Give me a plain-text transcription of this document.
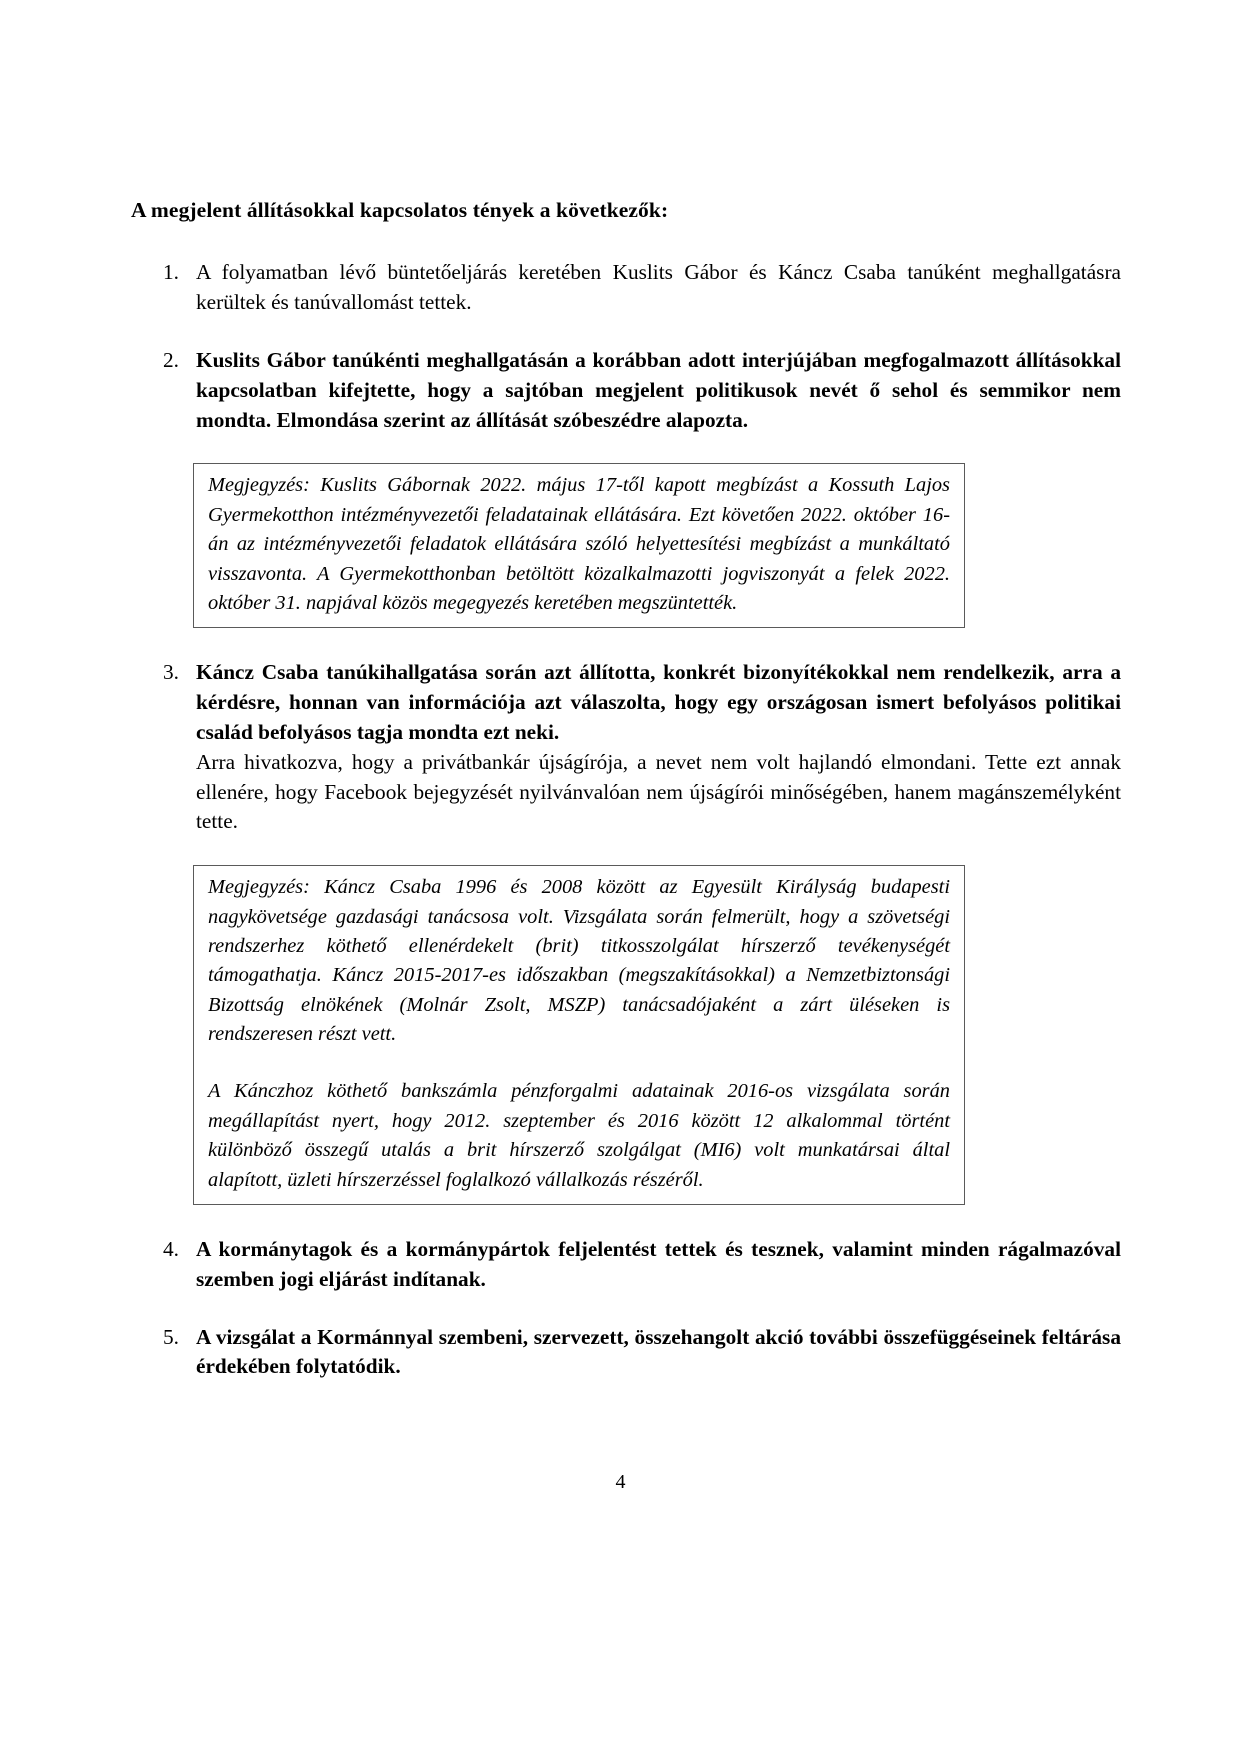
A megjelent állításokkal kapcsolatos tények a következők:
A folyamatban lévő büntetőeljárás keretében Kuslits Gábor és Káncz Csaba tanúként meghallgatásra kerültek és tanúvallomást tettek.
Kuslits Gábor tanúkénti meghallgatásán a korábban adott interjújában megfogalmazott állításokkal kapcsolatban kifejtette, hogy a sajtóban megjelent politikusok nevét ő sehol és semmikor nem mondta. Elmondása szerint az állítását szóbeszédre alapozta.

Megjegyzés: Kuslits Gábornak 2022. május 17-től kapott megbízást a Kossuth Lajos Gyermekotthon intézményvezetői feladatainak ellátására. Ezt követően 2022. október 16-án az intézményvezetői feladatok ellátására szóló helyettesítési megbízást a munkáltató visszavonta. A Gyermekotthonban betöltött közalkalmazotti jogviszonyát a felek 2022. október 31. napjával közös megegyezés keretében megszüntették.

Káncz Csaba tanúkihallgatása során azt állította, konkrét bizonyítékokkal nem rendelkezik, arra a kérdésre, honnan van információja azt válaszolta, hogy egy országosan ismert befolyásos politikai család befolyásos tagja mondta ezt neki.
Arra hivatkozva, hogy a privátbankár újságírója, a nevet nem volt hajlandó elmondani. Tette ezt annak ellenére, hogy Facebook bejegyzését nyilvánvalóan nem újságírói minőségében, hanem magánszemélyként tette.

Megjegyzés: Káncz Csaba 1996 és 2008 között az Egyesült Királyság budapesti nagykövetsége gazdasági tanácsosa volt. Vizsgálata során felmerült, hogy a szövetségi rendszerhez köthető ellenérdekelt (brit) titkosszolgálat hírszerző tevékenységét támogathatja. Káncz 2015-2017-es időszakban (megszakításokkal) a Nemzetbiztonsági Bizottság elnökének (Molnár Zsolt, MSZP) tanácsadójaként a zárt üléseken is rendszeresen részt vett.

A Kánczhoz köthető bankszámla pénzforgalmi adatainak 2016-os vizsgálata során megállapítást nyert, hogy 2012. szeptember és 2016 között 12 alkalommal történt különböző összegű utalás a brit hírszerző szolgálgat (MI6) volt munkatársai által alapított, üzleti hírszerzéssel foglalkozó vállalkozás részéről.

A kormánytagok és a kormánypártok feljelentést tettek és tesznek, valamint minden rágalmazóval szemben jogi eljárást indítanak.
A vizsgálat a Kormánnyal szembeni, szervezett, összehangolt akció további összefüggéseinek feltárása érdekében folytatódik.
4
